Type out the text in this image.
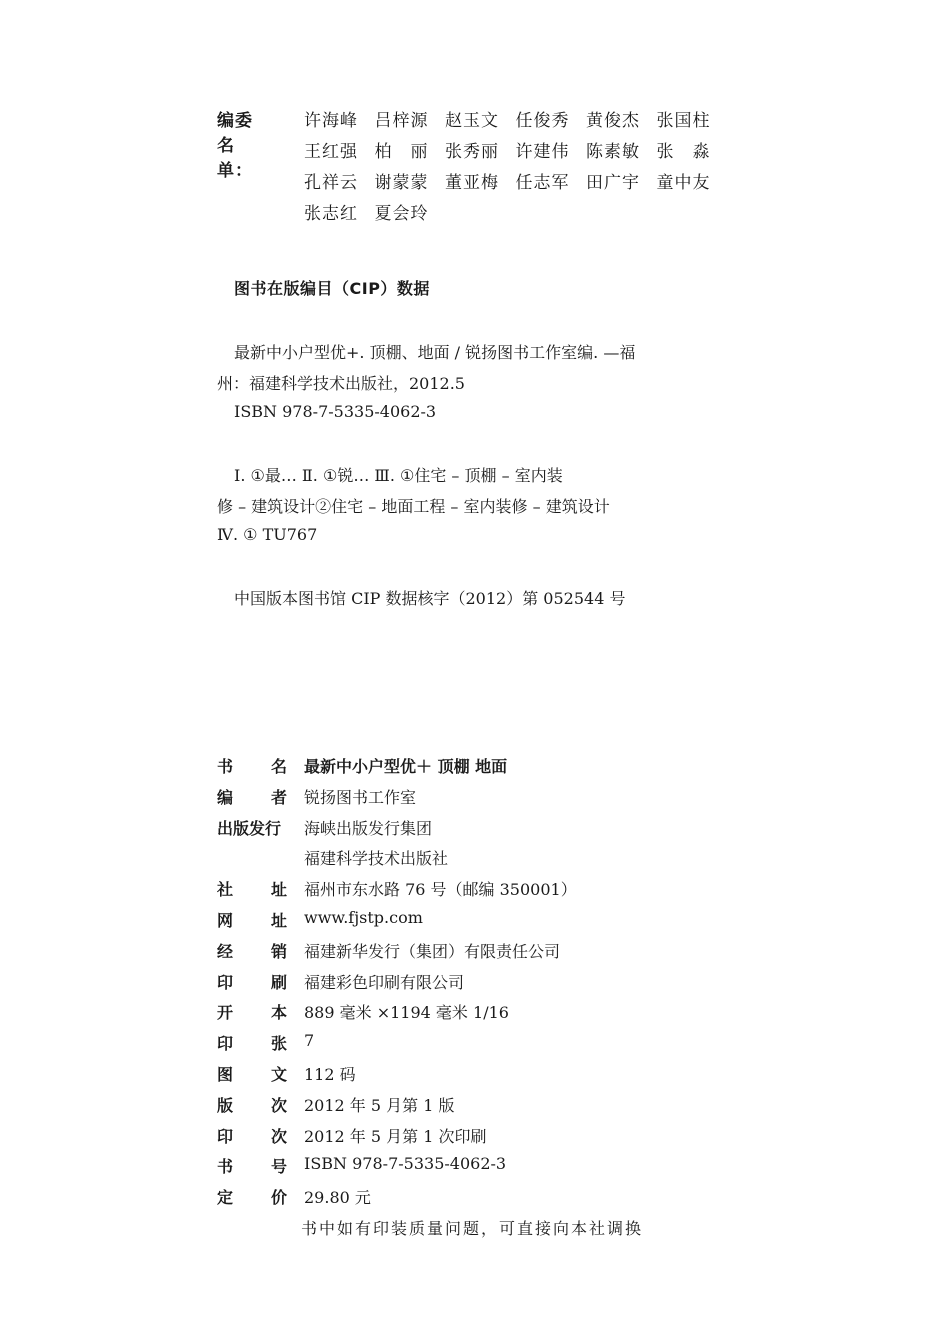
编委名单：
许海峰 吕梓源 赵玉文 任俊秀 黄俊杰 张国柱
王红强 柏　丽 张秀丽 许建伟 陈素敏 张　淼
孔祥云 谢蒙蒙 董亚梅 任志军 田广宇 童中友
张志红 夏会玲
图书在版编目（CIP）数据
最新中小户型优+. 顶棚、地面 / 锐扬图书工作室编. —福
州：福建科学技术出版社，2012.5
ISBN 978-7-5335-4062-3
Ⅰ. ①最… Ⅱ. ①锐… Ⅲ. ①住宅 – 顶棚 – 室内装
修 – 建筑设计②住宅 – 地面工程 – 室内装修 – 建筑设计
Ⅳ. ① TU767
中国版本图书馆 CIP 数据核字（2012）第 052544 号
书 名 最新中小户型优＋ 顶棚 地面
编 者 锐扬图书工作室
出版发行	海峡出版发行集团
福建科学技术出版社
社 址 福州市东水路 76 号（邮编 350001）
网 址 www.fjstp.com
经 销 福建新华发行（集团）有限责任公司
印 刷 福建彩色印刷有限公司
开 本 889 毫米 ×1194 毫米 1/16
印 张 7
图 文 112 码
版 次 2012 年 5 月第 1 版
印 次 2012 年 5 月第 1 次印刷
书 号 ISBN 978-7-5335-4062-3
定 价 29.80 元
书中如有印装质量问题，可直接向本社调换
